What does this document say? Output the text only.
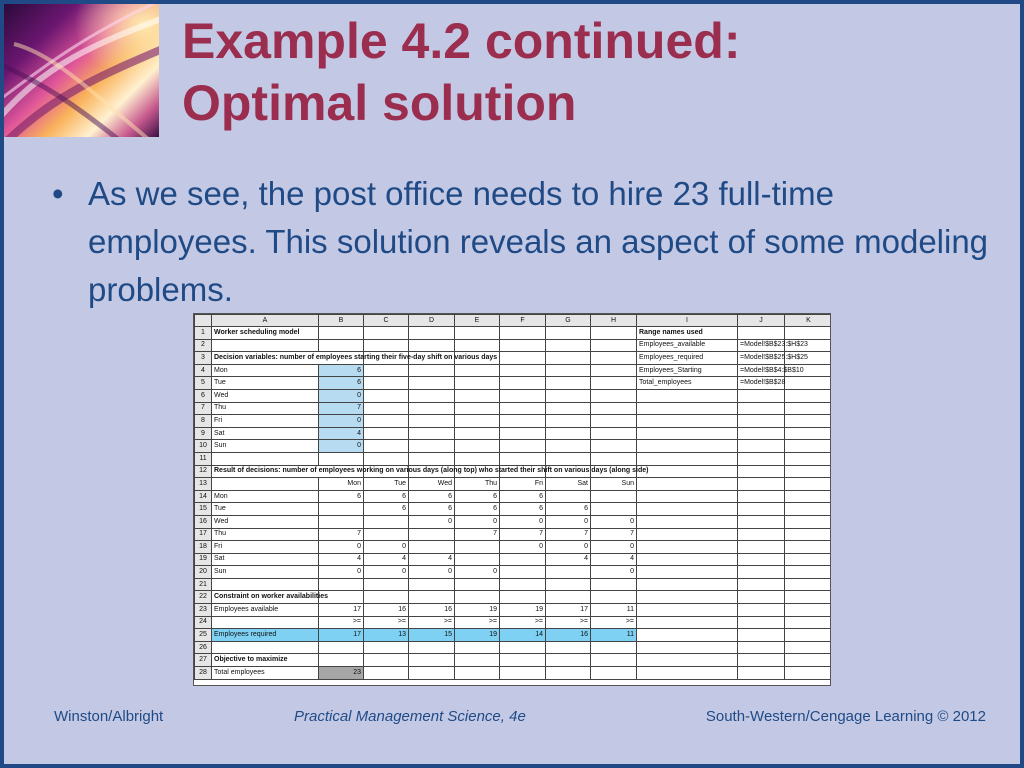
Example 4.2 continued:
Optimal solution
• As we see, the post office needs to hire 23 full-time employees. This solution reveals an aspect of some modeling problems.
	A	B	C	D	E	F	G	H	I	J	K
1	Worker scheduling model								Range names used		
2									Employees_available	=Model!$B$23:$H$23	
3	Decision variables: number of employees starting their five-day shift on various days								Employees_required	=Model!$B$25:$H$25	
4	Mon	6							Employees_Starting	=Model!$B$4:$B$10	
5	Tue	6							Total_employees	=Model!$B$28	
6	Wed	0									
7	Thu	7									
8	Fri	0									
9	Sat	4									
10	Sun	0									
11											
12	Result of decisions: number of employees working on various days (along top) who started their shift on various days (along side)										
13		Mon	Tue	Wed	Thu	Fri	Sat	Sun			
14	Mon	6	6	6	6	6					
15	Tue		6	6	6	6	6				
16	Wed			0	0	0	0	0			
17	Thu	7			7	7	7	7			
18	Fri	0	0			0	0	0			
19	Sat	4	4	4			4	4			
20	Sun	0	0	0	0			0			
21											
22	Constraint on worker availabilities										
23	Employees available	17	16	16	19	19	17	11			
24		>=	>=	>=	>=	>=	>=	>=			
25	Employees required	17	13	15	19	14	16	11			
26											
27	Objective to maximize										
28	Total employees	23									
Winston/Albright	Practical Management Science, 4e	South-Western/Cengage Learning © 2012
